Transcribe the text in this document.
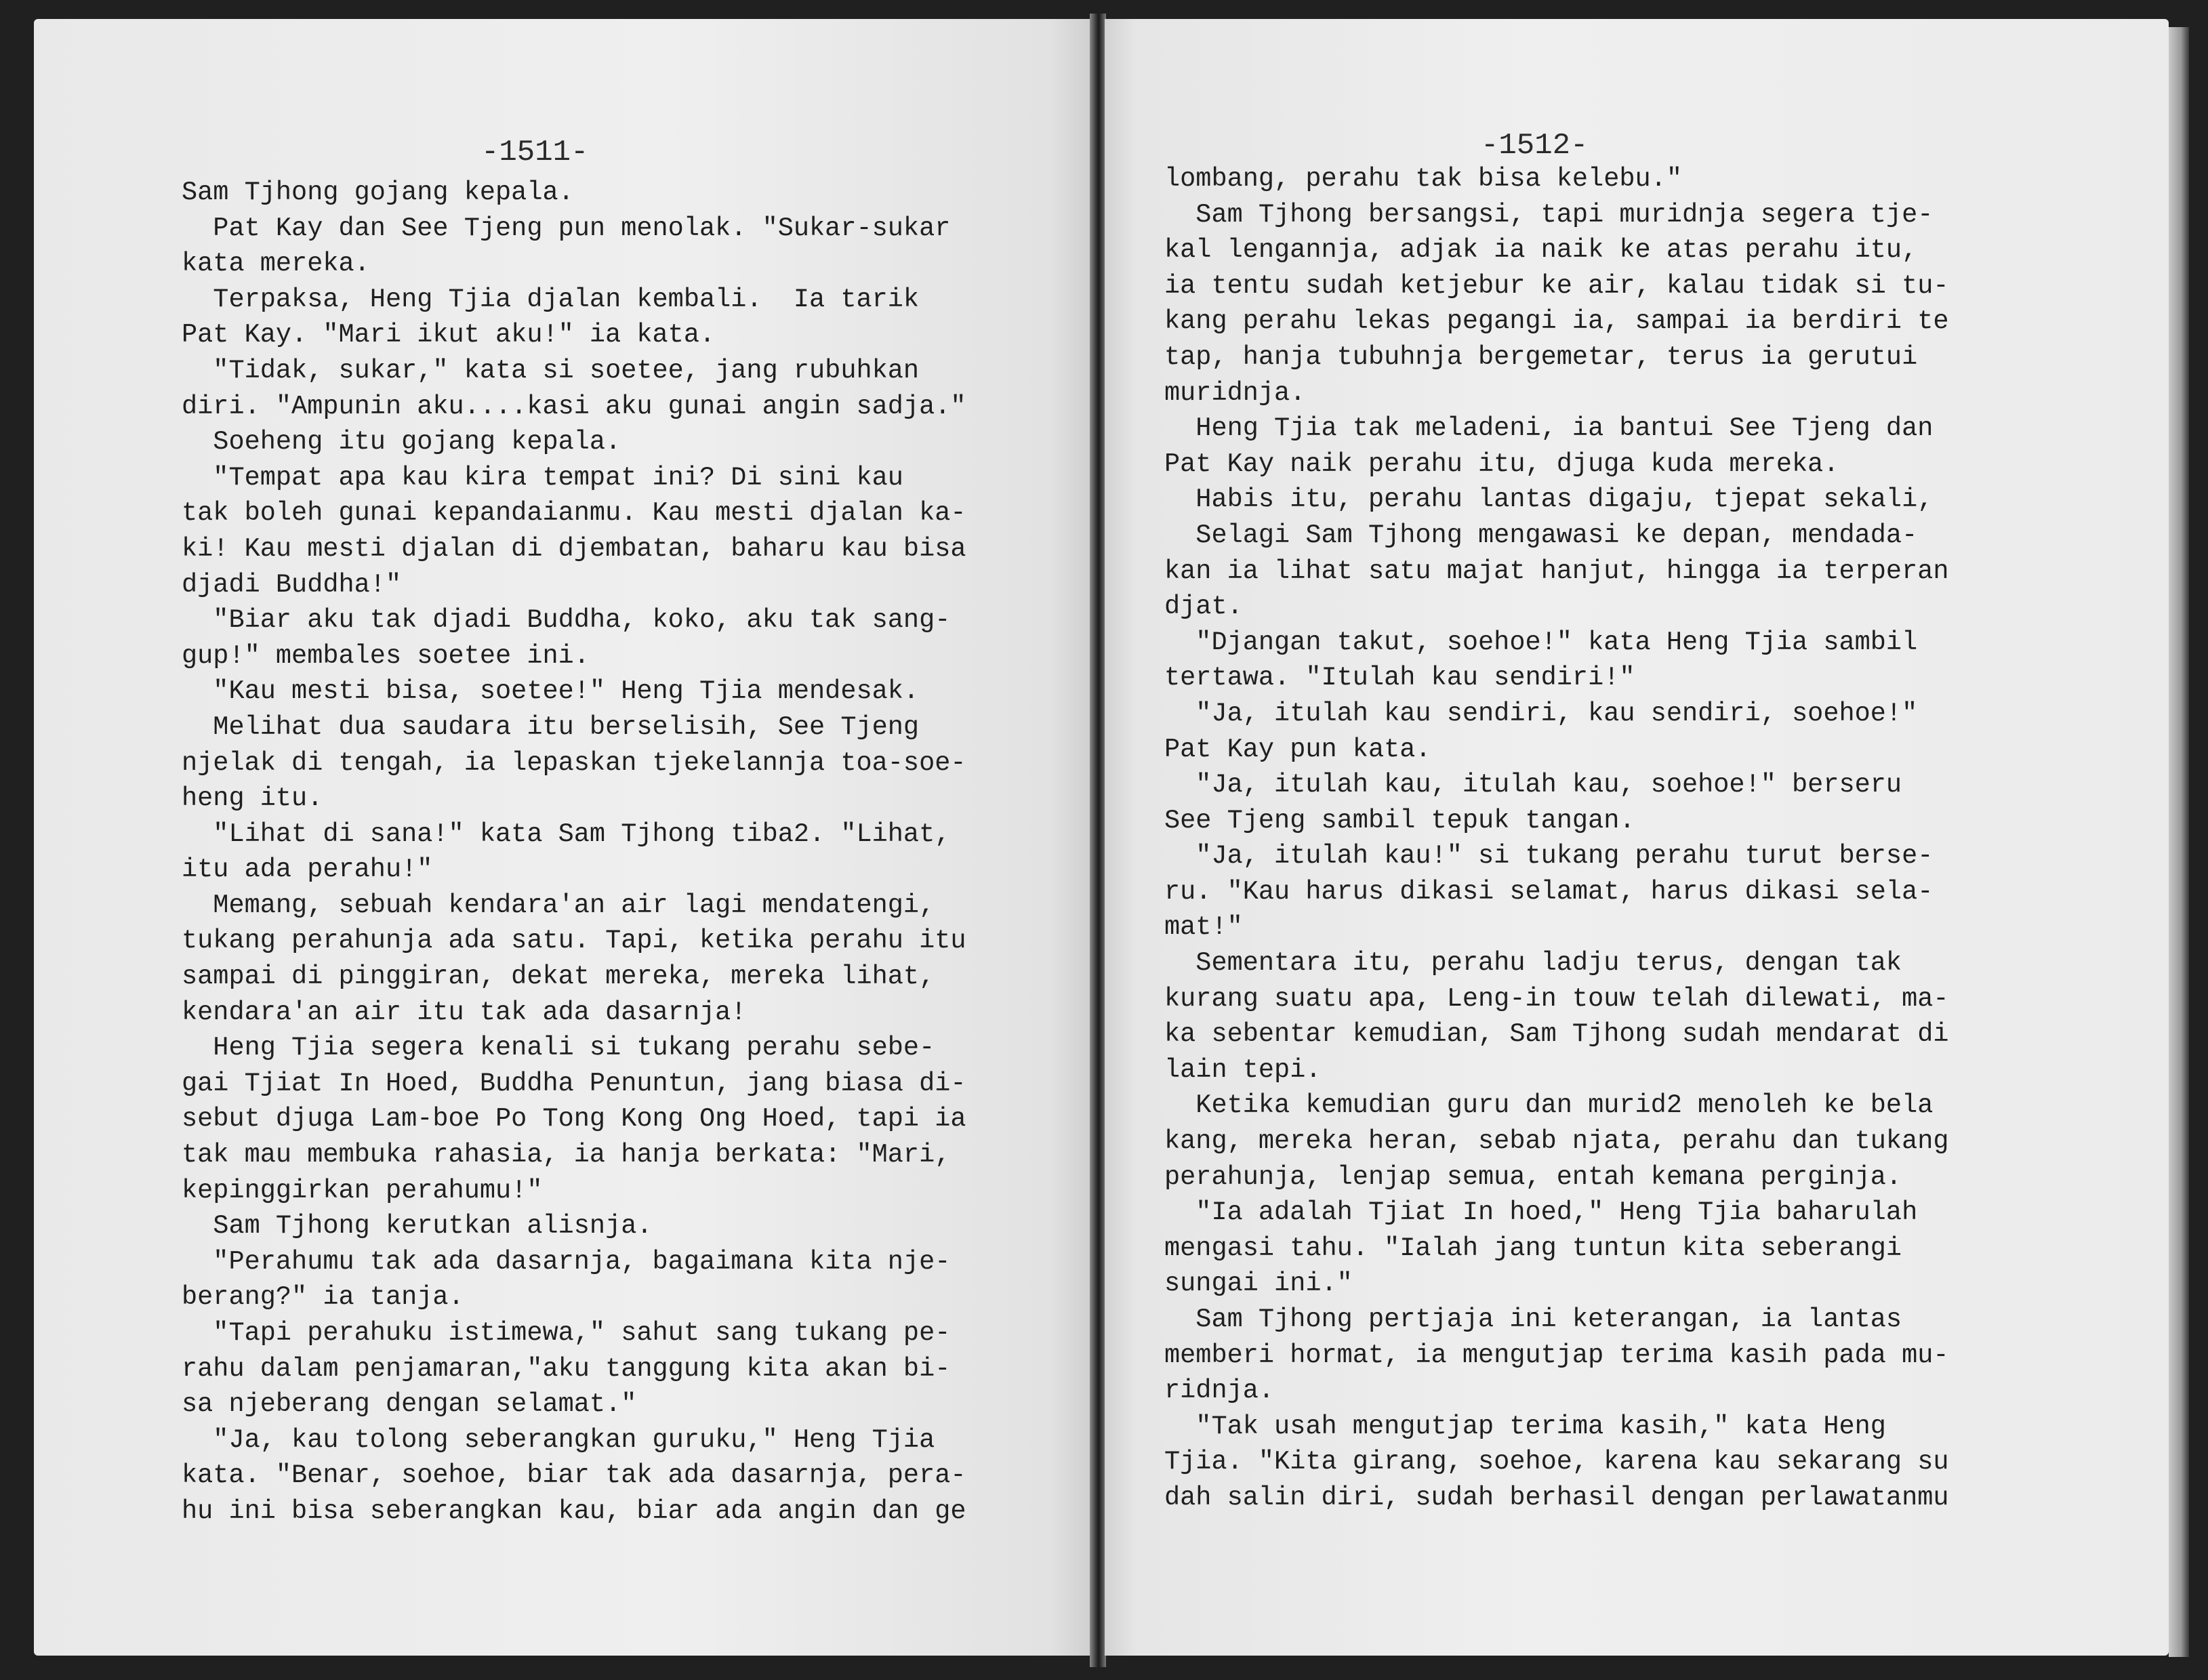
-1511-
Sam Tjhong gojang kepala.
Pat Kay dan See Tjeng pun menolak. "Sukar-sukar
kata mereka.
Terpaksa, Heng Tjia djalan kembali.  Ia tarik
Pat Kay. "Mari ikut aku!" ia kata.
"Tidak, sukar," kata si soetee, jang rubuhkan
diri. "Ampunin aku....kasi aku gunai angin sadja."
Soeheng itu gojang kepala.
"Tempat apa kau kira tempat ini? Di sini kau
tak boleh gunai kepandaianmu. Kau mesti djalan ka-
ki! Kau mesti djalan di djembatan, baharu kau bisa
djadi Buddha!"
"Biar aku tak djadi Buddha, koko, aku tak sang-
gup!" membales soetee ini.
"Kau mesti bisa, soetee!" Heng Tjia mendesak.
Melihat dua saudara itu berselisih, See Tjeng
njelak di tengah, ia lepaskan tjekelannja toa-soe-
heng itu.
"Lihat di sana!" kata Sam Tjhong tiba2. "Lihat,
itu ada perahu!"
Memang, sebuah kendara'an air lagi mendatengi,
tukang perahunja ada satu. Tapi, ketika perahu itu
sampai di pinggiran, dekat mereka, mereka lihat,
kendara'an air itu tak ada dasarnja!
Heng Tjia segera kenali si tukang perahu sebe-
gai Tjiat In Hoed, Buddha Penuntun, jang biasa di-
sebut djuga Lam-boe Po Tong Kong Ong Hoed, tapi ia
tak mau membuka rahasia, ia hanja berkata: "Mari,
kepinggirkan perahumu!"
Sam Tjhong kerutkan alisnja.
"Perahumu tak ada dasarnja, bagaimana kita nje-
berang?" ia tanja.
"Tapi perahuku istimewa," sahut sang tukang pe-
rahu dalam penjamaran,"aku tanggung kita akan bi-
sa njeberang dengan selamat."
"Ja, kau tolong seberangkan guruku," Heng Tjia
kata. "Benar, soehoe, biar tak ada dasarnja, pera-
hu ini bisa seberangkan kau, biar ada angin dan ge
-1512-
lombang, perahu tak bisa kelebu."
Sam Tjhong bersangsi, tapi muridnja segera tje-
kal lengannja, adjak ia naik ke atas perahu itu,
ia tentu sudah ketjebur ke air, kalau tidak si tu-
kang perahu lekas pegangi ia, sampai ia berdiri te
tap, hanja tubuhnja bergemetar, terus ia gerutui
muridnja.
Heng Tjia tak meladeni, ia bantui See Tjeng dan
Pat Kay naik perahu itu, djuga kuda mereka.
Habis itu, perahu lantas digaju, tjepat sekali,
Selagi Sam Tjhong mengawasi ke depan, mendada-
kan ia lihat satu majat hanjut, hingga ia terperan
djat.
"Djangan takut, soehoe!" kata Heng Tjia sambil
tertawa. "Itulah kau sendiri!"
"Ja, itulah kau sendiri, kau sendiri, soehoe!"
Pat Kay pun kata.
"Ja, itulah kau, itulah kau, soehoe!" berseru
See Tjeng sambil tepuk tangan.
"Ja, itulah kau!" si tukang perahu turut berse-
ru. "Kau harus dikasi selamat, harus dikasi sela-
mat!"
Sementara itu, perahu ladju terus, dengan tak
kurang suatu apa, Leng-in touw telah dilewati, ma-
ka sebentar kemudian, Sam Tjhong sudah mendarat di
lain tepi.
Ketika kemudian guru dan murid2 menoleh ke bela
kang, mereka heran, sebab njata, perahu dan tukang
perahunja, lenjap semua, entah kemana perginja.
"Ia adalah Tjiat In hoed," Heng Tjia baharulah
mengasi tahu. "Ialah jang tuntun kita seberangi
sungai ini."
Sam Tjhong pertjaja ini keterangan, ia lantas
memberi hormat, ia mengutjap terima kasih pada mu-
ridnja.
"Tak usah mengutjap terima kasih," kata Heng
Tjia. "Kita girang, soehoe, karena kau sekarang su
dah salin diri, sudah berhasil dengan perlawatanmu
